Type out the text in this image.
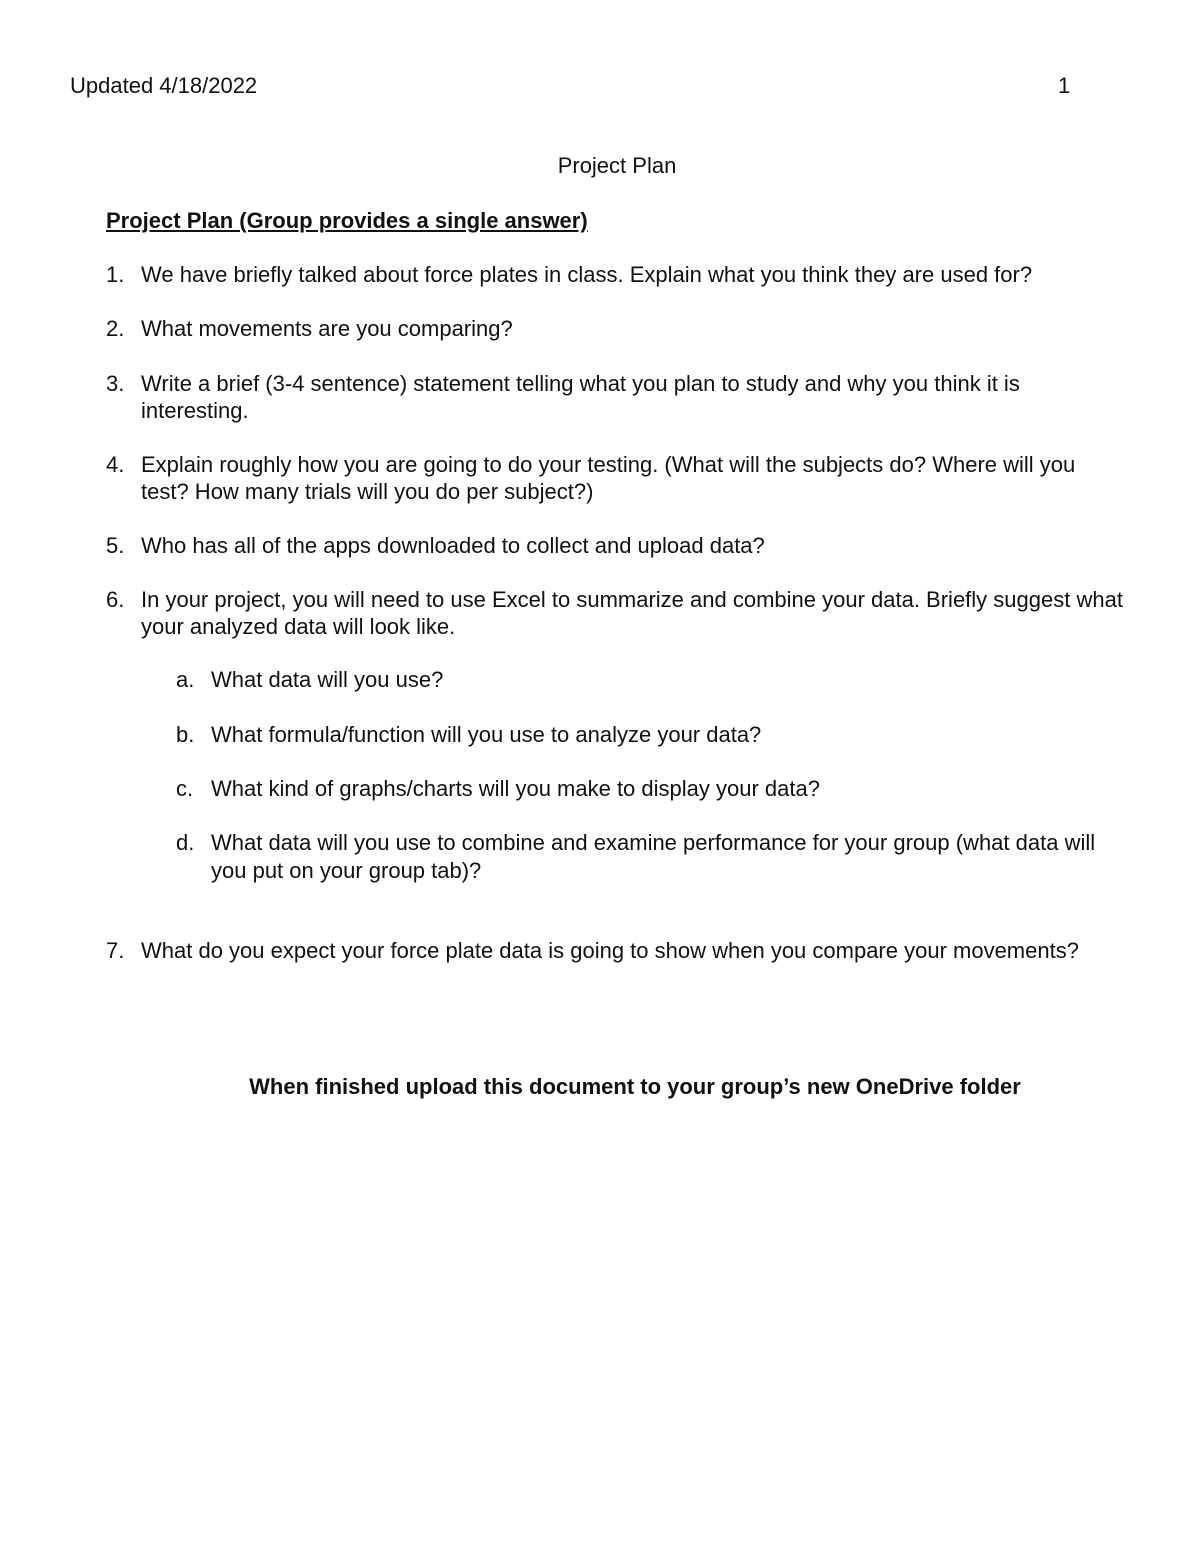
Updated 4/18/2022	1
Project Plan
Project Plan (Group provides a single answer)
1. We have briefly talked about force plates in class. Explain what you think they are used for?
2. What movements are you comparing?
3. Write a brief (3-4 sentence) statement telling what you plan to study and why you think it is interesting.
4. Explain roughly how you are going to do your testing. (What will the subjects do? Where will you test? How many trials will you do per subject?)
5. Who has all of the apps downloaded to collect and upload data?
6. In your project, you will need to use Excel to summarize and combine your data. Briefly suggest what your analyzed data will look like.
a. What data will you use?
b. What formula/function will you use to analyze your data?
c. What kind of graphs/charts will you make to display your data?
d. What data will you use to combine and examine performance for your group (what data will you put on your group tab)?
7. What do you expect your force plate data is going to show when you compare your movements?
When finished upload this document to your group’s new OneDrive folder
